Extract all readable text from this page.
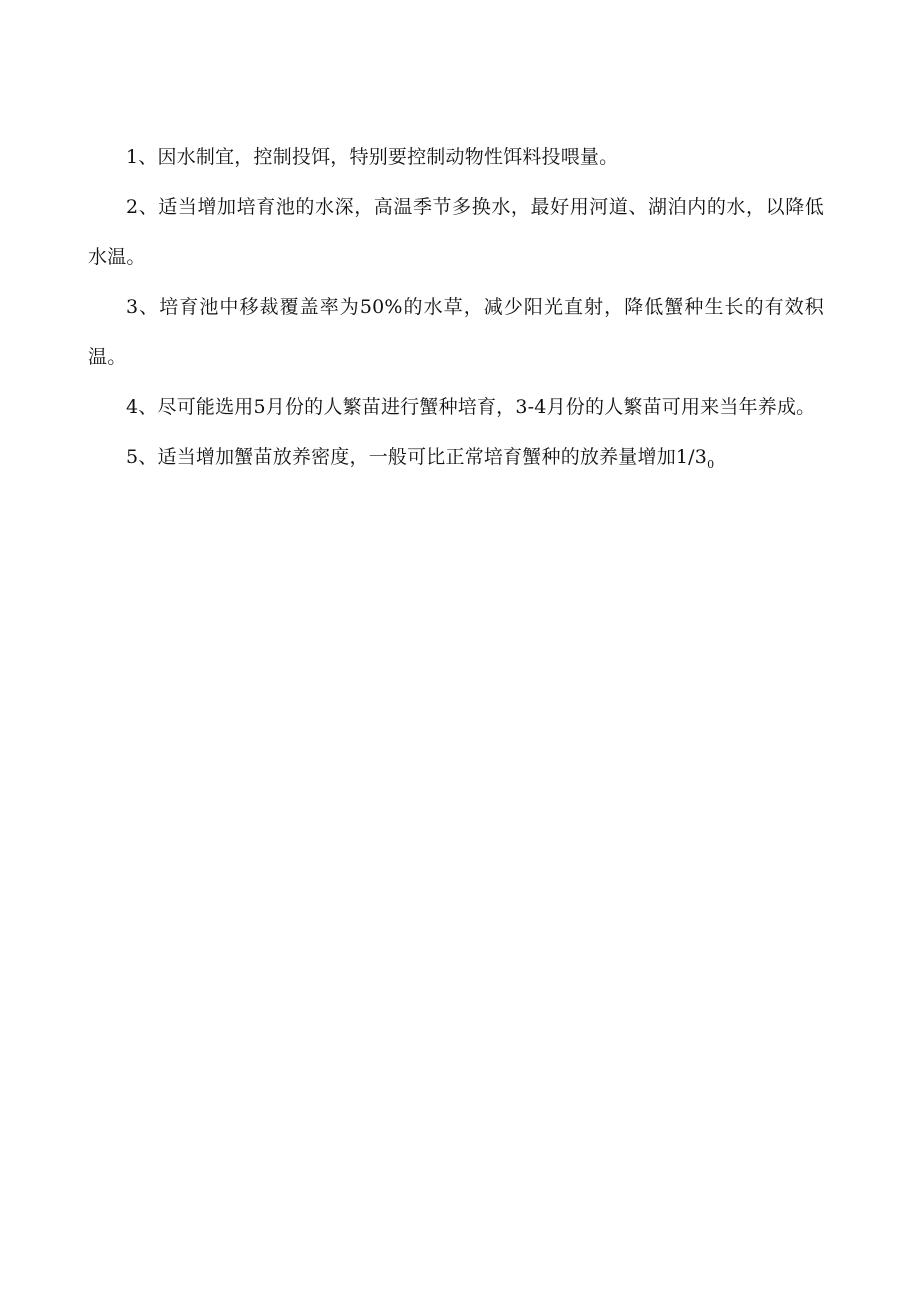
1、因水制宜，控制投饵，特别要控制动物性饵料投喂量。

2、适当增加培育池的水深，高温季节多换水，最好用河道、湖泊内的水，以降低水温。

3、培育池中移裁覆盖率为50%的水草，减少阳光直射，降低蟹种生长的有效积温。

4、尽可能选用5月份的人繁苗进行蟹种培育，3-4月份的人繁苗可用来当年养成。

5、适当增加蟹苗放养密度，一般可比正常培育蟹种的放养量增加$1/3_0$
